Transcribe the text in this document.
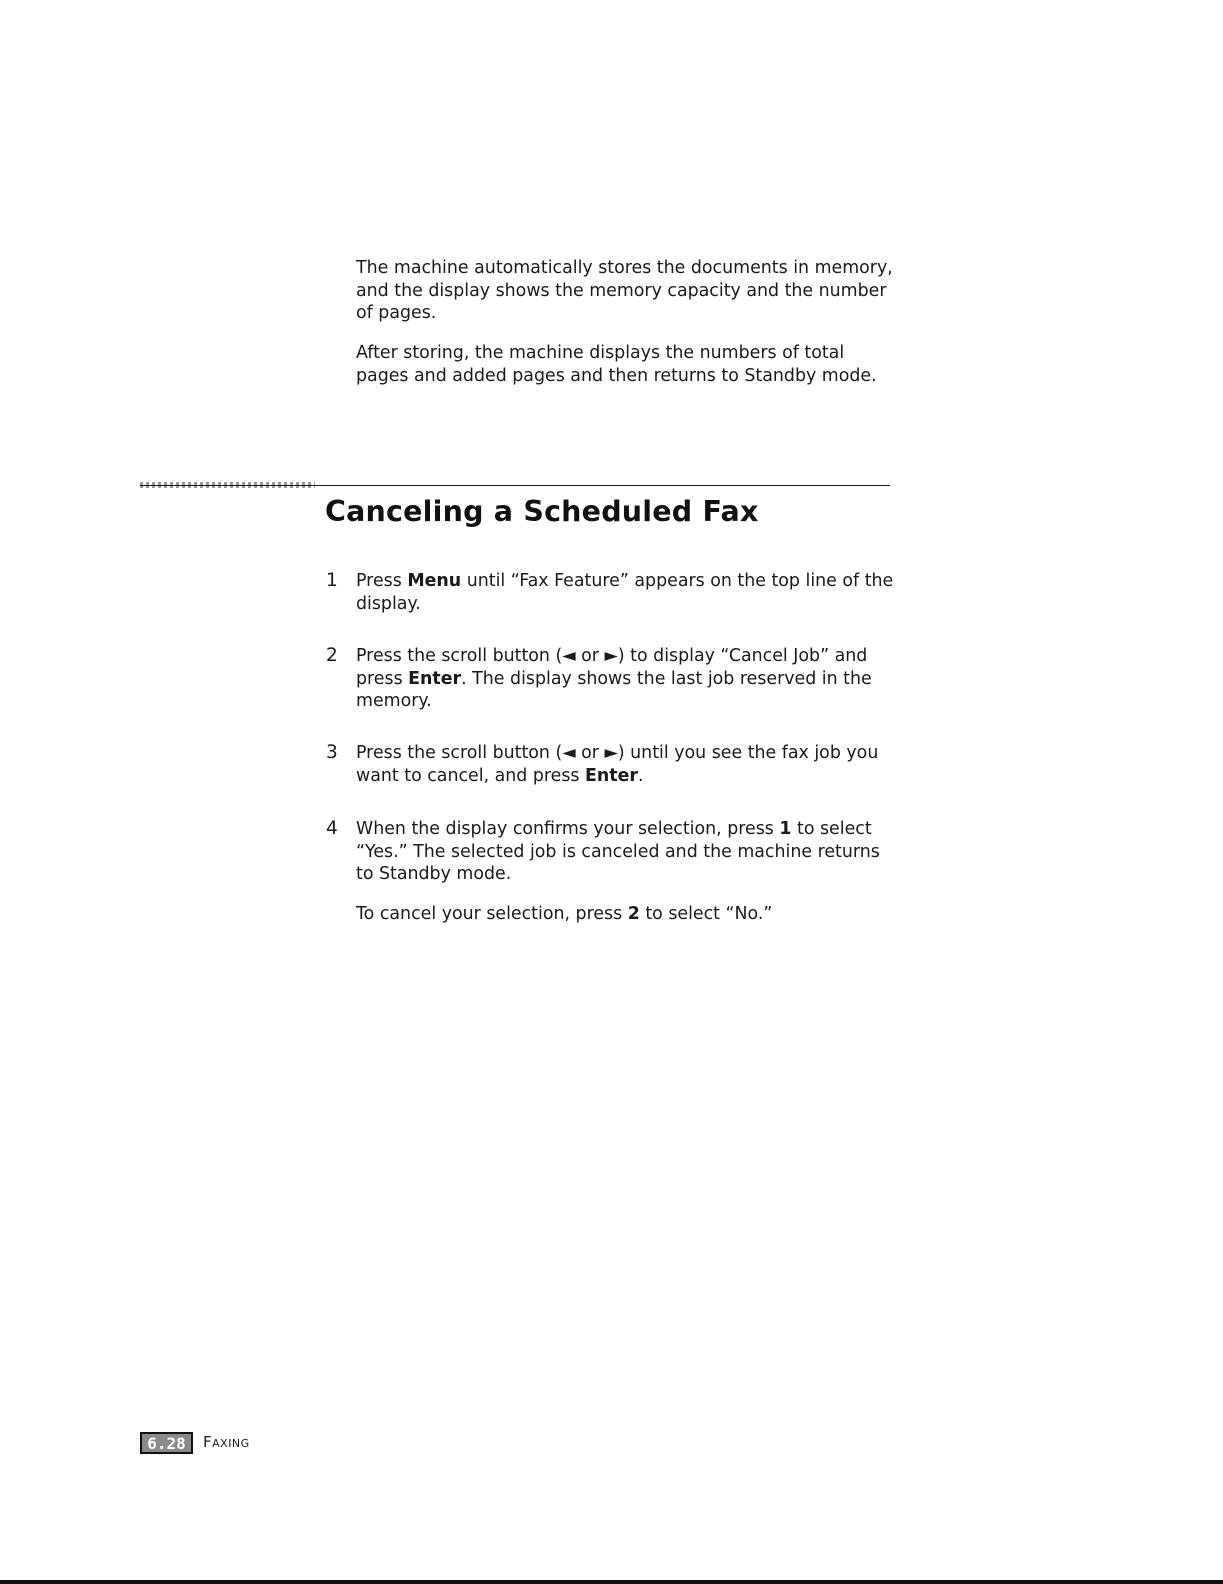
The machine automatically stores the documents in memory, and the display shows the memory capacity and the number of pages.

After storing, the machine displays the numbers of total pages and added pages and then returns to Standby mode.

Canceling a Scheduled Fax
1 Press Menu until “Fax Feature” appears on the top line of the display.

2 Press the scroll button (◄ or ►) to display “Cancel Job” and press Enter. The display shows the last job reserved in the memory.

3 Press the scroll button (◄ or ►) until you see the fax job you want to cancel, and press Enter.

4 When the display confirms your selection, press 1 to select “Yes.” The selected job is canceled and the machine returns to Standby mode.

To cancel your selection, press 2 to select “No.”

6.28	Faxing
